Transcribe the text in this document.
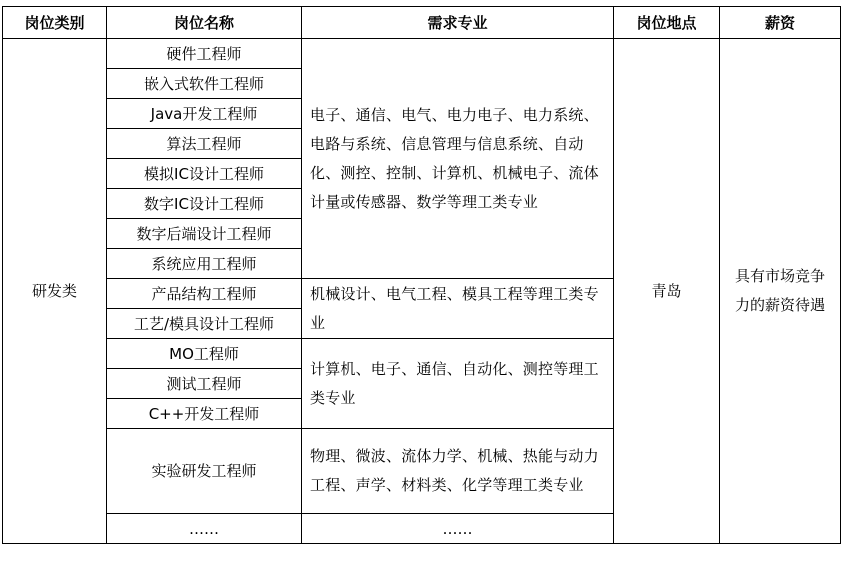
岗位类别	岗位名称	需求专业	岗位地点	薪资
研发类	硬件工程师	电子、通信、电气、电力电子、电力系统、电路与系统、信息管理与信息系统、自动化、测控、控制、计算机、机械电子、流体计量或传感器、数学等理工类专业	青岛	具有市场竞争力的薪资待遇
	嵌入式软件工程师			
	Java开发工程师			
	算法工程师			
	模拟IC设计工程师			
	数字IC设计工程师			
	数字后端设计工程师			
	系统应用工程师			
	产品结构工程师	机械设计、电气工程、模具工程等理工类专业		
	工艺/模具设计工程师			
	MO工程师	计算机、电子、通信、自动化、测控等理工类专业		
	测试工程师			
	C++开发工程师			
	实验研发工程师	物理、微波、流体力学、机械、热能与动力工程、声学、材料类、化学等理工类专业		
	……	……		
